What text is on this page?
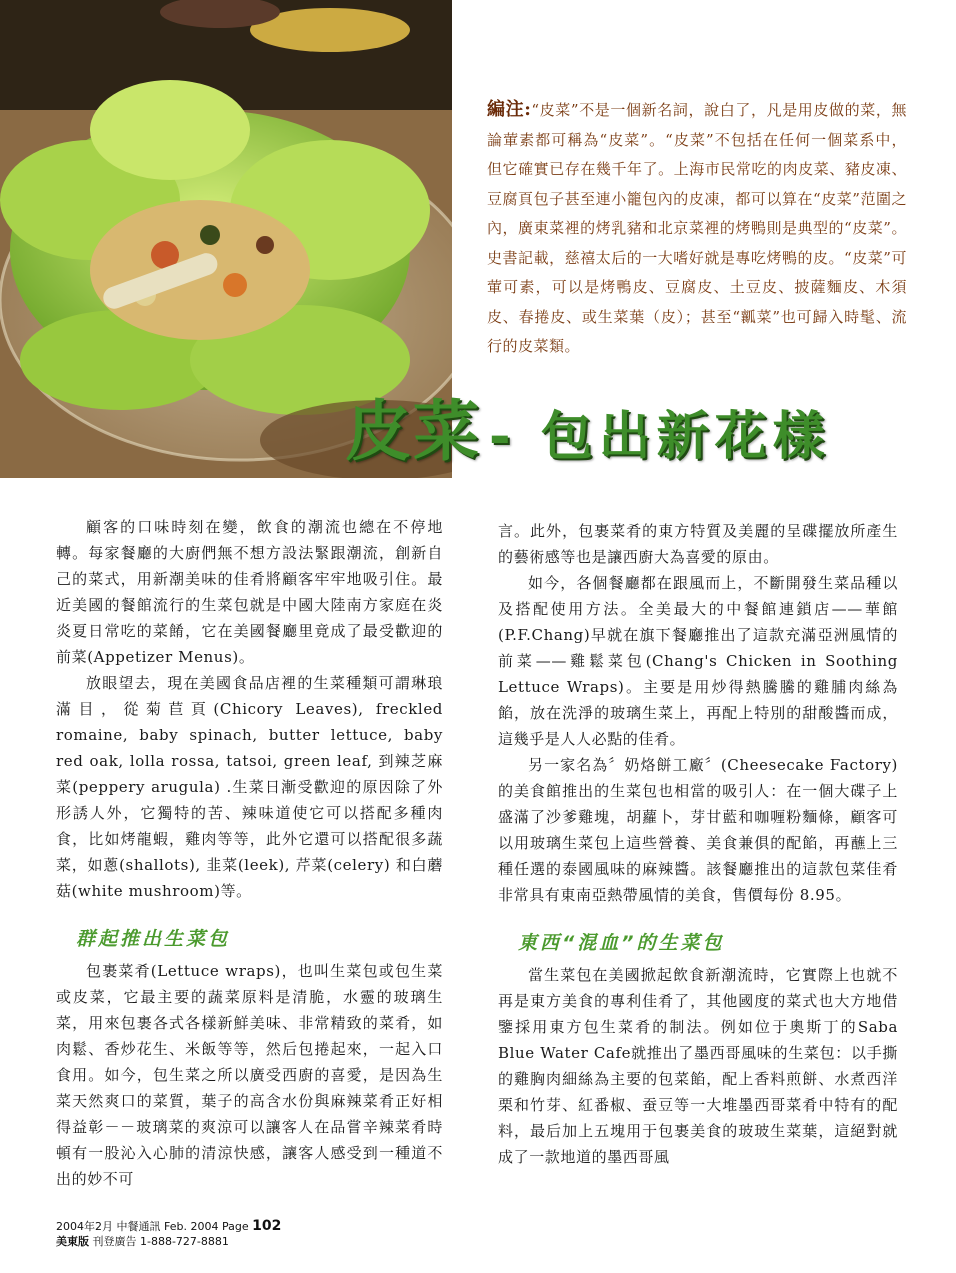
編注:“皮菜”不是一個新名詞，說白了，凡是用皮做的菜，無論葷素都可稱為“皮菜”。“皮菜”不包括在任何一個菜系中，但它確實已存在幾千年了。上海市民常吃的肉皮菜、豬皮凍、豆腐頁包子甚至連小籠包內的皮凍，都可以算在“皮菜”范圍之內，廣東菜裡的烤乳豬和北京菜裡的烤鴨則是典型的“皮菜”。史書記載，慈禧太后的一大嗜好就是專吃烤鴨的皮。“皮菜”可葷可素，可以是烤鴨皮、豆腐皮、土豆皮、披薩麵皮、木須皮、春捲皮、或生菜葉（皮）；甚至“瓤菜”也可歸入時髦、流行的皮菜類。
皮菜 - 包出新花樣

顧客的口味時刻在變，飲食的潮流也總在不停地轉。每家餐廳的大廚們無不想方設法緊跟潮流，創新自己的菜式，用新潮美味的佳肴將顧客牢牢地吸引住。最近美國的餐館流行的生菜包就是中國大陸南方家庭在炎炎夏日常吃的菜餚，它在美國餐廳里竟成了最受歡迎的前菜(Appetizer Menus)。

放眼望去，現在美國食品店裡的生菜種類可謂琳琅滿目，從菊苣頁(Chicory Leaves), freckled romaine, baby spinach, butter lettuce, baby red oak, lolla rossa, tatsoi, green leaf, 到辣芝麻菜(peppery arugula) .生菜日漸受歡迎的原因除了外形誘人外，它獨特的苦、辣味道使它可以搭配多種肉食，比如烤龍蝦，雞肉等等，此外它還可以搭配很多蔬菜，如蔥(shallots), 韭菜(leek), 芹菜(celery) 和白蘑菇(white mushroom)等。

群起推出生菜包

包裹菜肴(Lettuce wraps)，也叫生菜包或包生菜或皮菜，它最主要的蔬菜原料是清脆，水靈的玻璃生菜，用來包裹各式各樣新鮮美味、非常精致的菜肴，如肉鬆、香炒花生、米飯等等，然后包捲起來，一起入口食用。如今，包生菜之所以廣受西廚的喜愛，是因為生菜天然爽口的菜質，葉子的高含水份與麻辣菜肴正好相得益彰－－玻璃菜的爽涼可以讓客人在品嘗辛辣菜肴時頓有一股沁入心肺的清涼快感，讓客人感受到一種道不出的妙不可

言。此外，包裹菜肴的東方特質及美麗的呈碟擺放所產生的藝術感等也是讓西廚大為喜愛的原由。

如今，各個餐廳都在跟風而上，不斷開發生菜品種以及搭配使用方法。全美最大的中餐館連鎖店——華館(P.F.Chang)早就在旗下餐廳推出了這款充滿亞洲風情的前菜——雞鬆菜包(Chang's Chicken in Soothing Lettuce Wraps)。主要是用炒得熱騰騰的雞脯肉絲為餡，放在洗淨的玻璃生菜上，再配上特別的甜酸醬而成，這幾乎是人人必點的佳肴。

另一家名為〞奶烙餅工廠〞(Cheesecake Factory)的美食館推出的生菜包也相當的吸引人：在一個大碟子上盛滿了沙爹雞塊，胡蘿卜，芽甘藍和咖喱粉麵條，顧客可以用玻璃生菜包上這些營養、美食兼俱的配餡，再蘸上三種任選的泰國風味的麻辣醬。該餐廳推出的這款包菜佳肴非常具有東南亞熱帶風情的美食，售價每份 8.95。

東西“混血”的生菜包

當生菜包在美國掀起飲食新潮流時，它實際上也就不再是東方美食的專利佳肴了，其他國度的菜式也大方地借鑒採用東方包生菜肴的制法。例如位于奧斯丁的Saba Blue Water Cafe就推出了墨西哥風味的生菜包：以手撕的雞胸肉細絲為主要的包菜餡，配上香料煎餅、水煮西洋栗和竹芽、紅番椒、蚕豆等一大堆墨西哥菜肴中特有的配料，最后加上五塊用于包裹美食的玻玻生菜葉，這絕對就成了一款地道的墨西哥風

2004年2月 中餐通訊 Feb. 2004 Page 102
美東版 刊登廣告 1-888-727-8881
